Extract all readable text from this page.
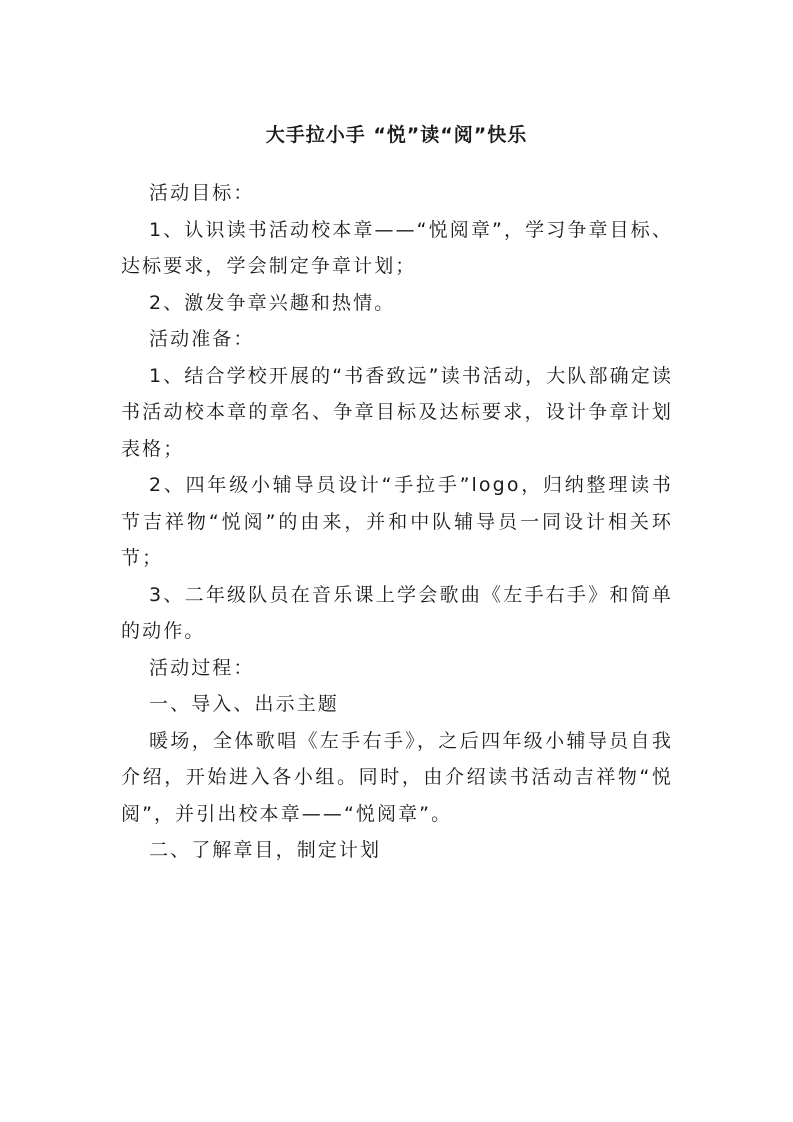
大手拉小手 “悦”读“阅”快乐

活动目标：

1、认识读书活动校本章——“悦阅章”，学习争章目标、达标要求，学会制定争章计划；

2、激发争章兴趣和热情。

活动准备：

1、结合学校开展的“书香致远”读书活动，大队部确定读书活动校本章的章名、争章目标及达标要求，设计争章计划表格；

2、四年级小辅导员设计“手拉手”logo，归纳整理读书节吉祥物“悦阅”的由来，并和中队辅导员一同设计相关环节；

3、二年级队员在音乐课上学会歌曲《左手右手》和简单的动作。

活动过程：

一、导入、出示主题

暖场，全体歌唱《左手右手》，之后四年级小辅导员自我介绍，开始进入各小组。同时，由介绍读书活动吉祥物“悦阅”，并引出校本章——“悦阅章”。

二、了解章目，制定计划
